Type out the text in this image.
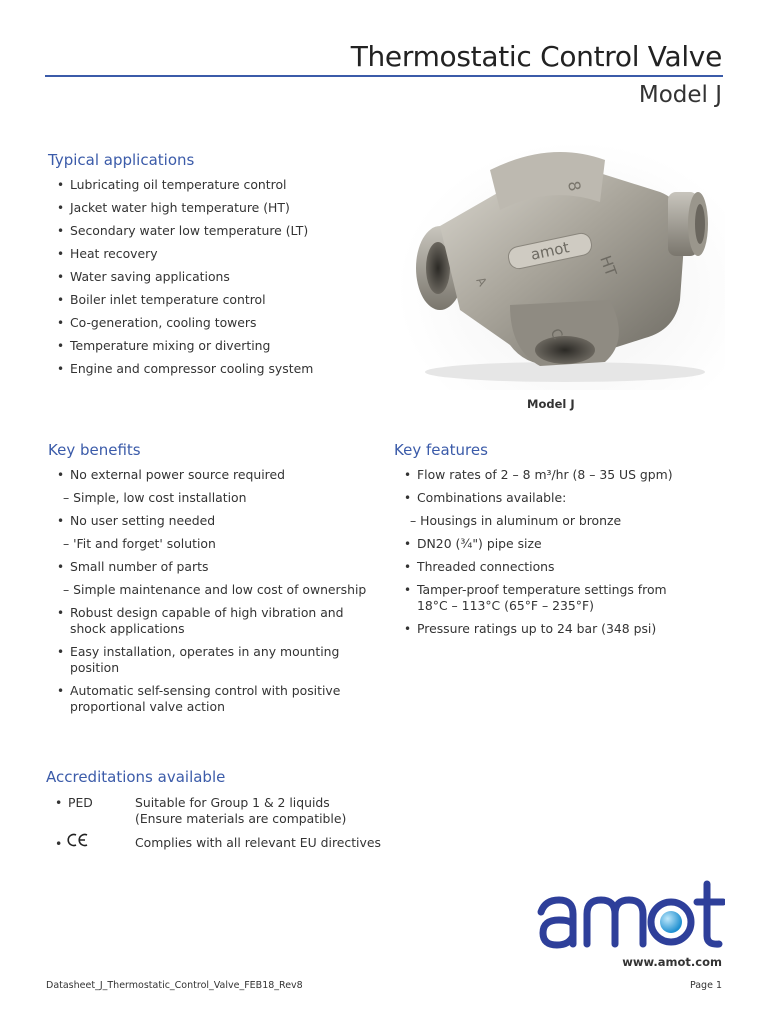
Thermostatic Control Valve
Model J
Typical applications
• Lubricating oil temperature control
• Jacket water high temperature (HT)
• Secondary water low temperature (LT)
• Heat recovery
• Water saving applications
• Boiler inlet temperature control
• Co-generation, cooling towers
• Temperature mixing or diverting
• Engine and compressor cooling system
amot
8
HT
A
C
Model J
Key benefits
• No external power source required
– Simple, low cost installation
• No user setting needed
– 'Fit and forget' solution
• Small number of parts
– Simple maintenance and low cost of ownership
• Robust design capable of high vibration and
shock applications
• Easy installation, operates in any mounting
position
• Automatic self-sensing control with positive
proportional valve action
Key features
• Flow rates of 2 – 8 m³/hr (8 – 35 US gpm)
• Combinations available:
– Housings in aluminum or bronze
• DN20 (¾") pipe size
• Threaded connections
• Tamper-proof temperature settings from
18°C – 113°C (65°F – 235°F)
• Pressure ratings up to 24 bar (348 psi)
Accreditations available
• PED	Suitable for Group 1 & 2 liquids
(Ensure materials are compatible)
•	Complies with all relevant EU directives
www.amot.com
Datasheet_J_Thermostatic_Control_Valve_FEB18_Rev8	Page 1
